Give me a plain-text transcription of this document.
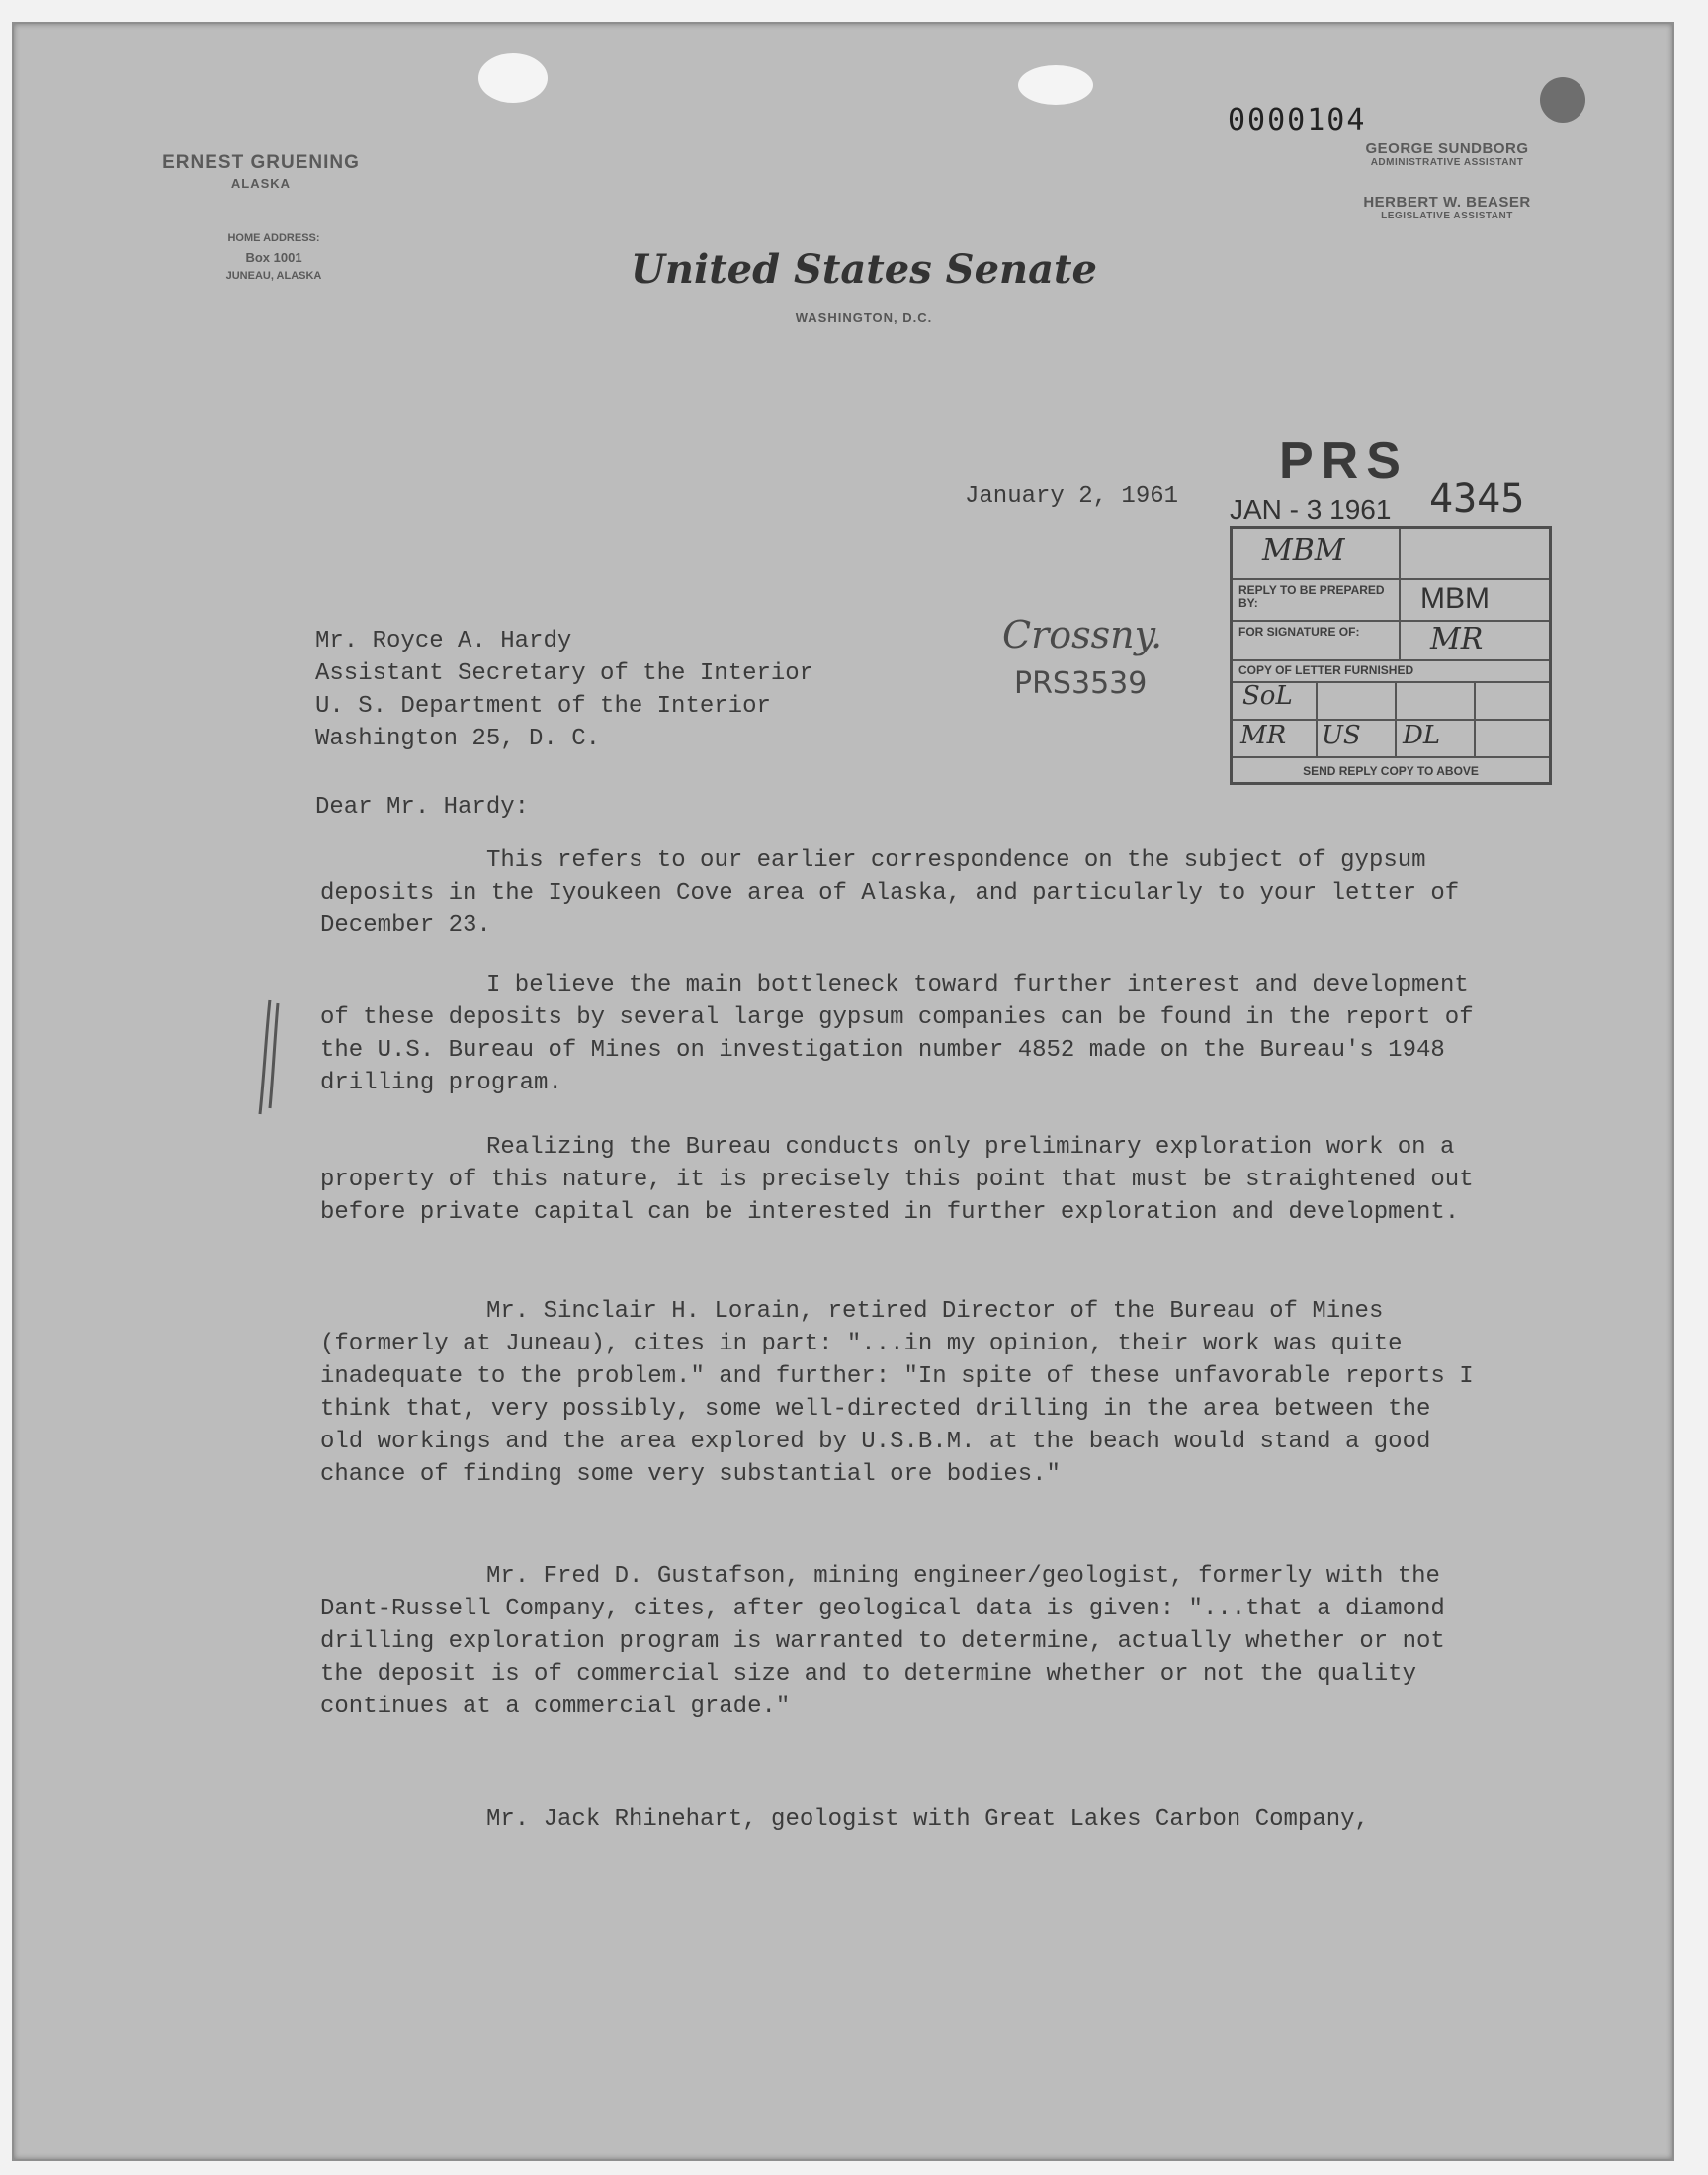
0000104
ERNEST GRUENING
ALASKA
HOME ADDRESS:
Box 1001
JUNEAU, ALASKA
GEORGE SUNDBORG
ADMINISTRATIVE ASSISTANT
HERBERT W. BEASER
LEGISLATIVE ASSISTANT
United States Senate
WASHINGTON, D.C.
PRS
JAN - 3 1961 4345
MBM
REPLY TO BE PREPARED BY:	MBM
FOR SIGNATURE OF:	MR
COPY OF LETTER FURNISHED
SoL
MR US DL
SEND REPLY COPY TO ABOVE
Crossny.
PRS3539
January 2, 1961
Mr. Royce A. Hardy
Assistant Secretary of the Interior
U. S. Department of the Interior
Washington 25, D. C.
Dear Mr. Hardy:
This refers to our earlier correspondence on the subject of gypsum deposits in the Iyoukeen Cove area of Alaska, and particularly to your letter of December 23.
I believe the main bottleneck toward further interest and development of these deposits by several large gypsum companies can be found in the report of the U.S. Bureau of Mines on investigation number 4852 made on the Bureau's 1948 drilling program.
Realizing the Bureau conducts only preliminary exploration work on a property of this nature, it is precisely this point that must be straightened out before private capital can be interested in further exploration and development.
Mr. Sinclair H. Lorain, retired Director of the Bureau of Mines (formerly at Juneau), cites in part: "...in my opinion, their work was quite inadequate to the problem." and further: "In spite of these unfavorable reports I think that, very possibly, some well-directed drilling in the area between the old workings and the area explored by U.S.B.M. at the beach would stand a good chance of finding some very substantial ore bodies."
Mr. Fred D. Gustafson, mining engineer/geologist, formerly with the Dant-Russell Company, cites, after geological data is given: "...that a diamond drilling exploration program is warranted to determine, actually whether or not the deposit is of commercial size and to determine whether or not the quality continues at a commercial grade."
Mr. Jack Rhinehart, geologist with Great Lakes Carbon Company,
